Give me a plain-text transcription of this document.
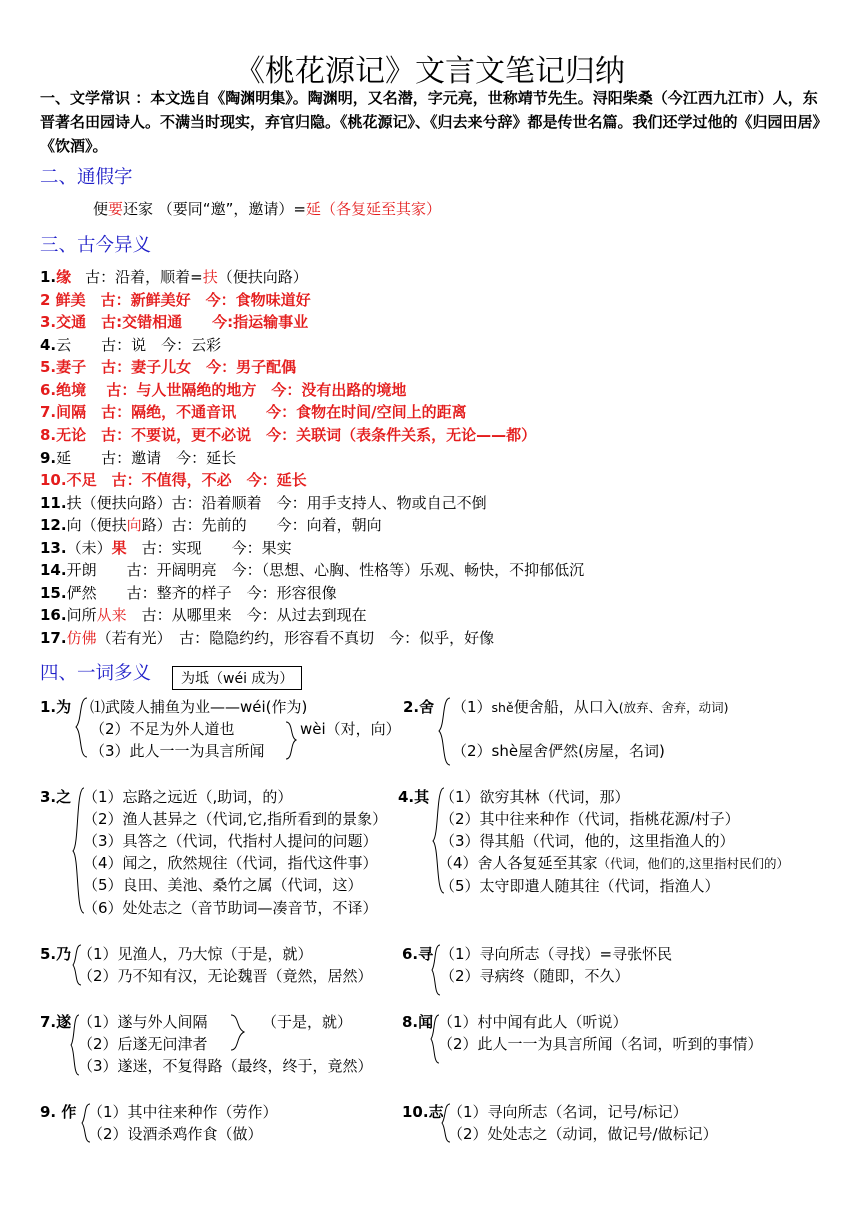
《桃花源记》文言文笔记归纳
一、文学常识 ：本文选自《陶渊明集》。陶渊明，又名潜，字元亮，世称靖节先生。浔阳柴桑（今江西九江市）人，东晋著名田园诗人。不满当时现实，弃官归隐。《桃花源记》、《归去来兮辞》都是传世名篇。我们还学过他的《归园田居》《饮酒》。
二、通假字
便要还家 （要同“邀”，邀请）=延（各复延至其家）
三、古今异义
1.缘 古：沿着，顺着=扶（便扶向路）
2 鲜美　古：新鲜美好　今：食物味道好
3.交通　古:交错相通　　今:指运输事业
4.云　　古：说　今：云彩
5.妻子　古：妻子儿女　今：男子配偶
6.绝境　 古：与人世隔绝的地方　今：没有出路的境地
7.间隔　古：隔绝，不通音讯　　今：食物在时间/空间上的距离
8.无论　古：不要说，更不必说　今：关联词（表条件关系，无论——都）
9.延　　古：邀请　今：延长
10.不足　古：不值得，不必　今：延长
11.扶（便扶向路）古：沿着顺着　今：用手支持人、物或自己不倒
12.向（便扶向路）古：先前的　　今：向着，朝向
13.（未）果　古：实现　　今：果实
14.开朗　　古：开阔明亮　今：（思想、心胸、性格等）乐观、畅快，不抑郁低沉
15.俨然　　古：整齐的样子　今：形容很像
16.问所从来　古：从哪里来　今：从过去到现在
17.仿佛（若有光）　古：隐隐约约，形容看不真切　今：似乎，好像
四、一词多义	为坻（wéi 成为）
1.为 ⑴武陵人捕鱼为业——wéi(作为)
（2）不足为外人道也
（3）此人一一为具言所闻
wèi（对，向）
2.舍 （1）shě便舍船，从口入(放弃、舍弃，动词)
（2）shè屋舍俨然(房屋，名词)
3.之 （1）忘路之远近（,助词，的）
（2）渔人甚异之（代词,它,指所看到的景象）
（3）具答之（代词，代指村人提问的问题）
（4）闻之，欣然规往（代词，指代这件事）
（5）良田、美池、桑竹之属（代词，这）
（6）处处志之（音节助词—凑音节，不译）
4.其 （1）欲穷其林（代词，那）
（2）其中往来种作（代词，指桃花源/村子）
（3）得其船（代词，他的，这里指渔人的）
（4）舍人各复延至其家（代词，他们的,这里指村民们的）
（5）太守即遣人随其往（代词，指渔人）
5.乃 （1）见渔人，乃大惊（于是，就）
（2）乃不知有汉，无论魏晋（竟然，居然）
6.寻 （1）寻向所志（寻找）=寻张怀民
（2）寻病终（随即，不久）
7.遂 （1）遂与外人间隔
（2）后遂无问津者
（3）遂迷，不复得路（最终，终于，竟然）
（于是，就）	8.闻 （1）村中闻有此人（听说）
（2）此人一一为具言所闻（名词，听到的事情）
9. 作 （1）其中往来种作（劳作）
（2）设酒杀鸡作食（做）
10.志 （1）寻向所志（名词，记号/标记）
（2）处处志之（动词，做记号/做标记）
